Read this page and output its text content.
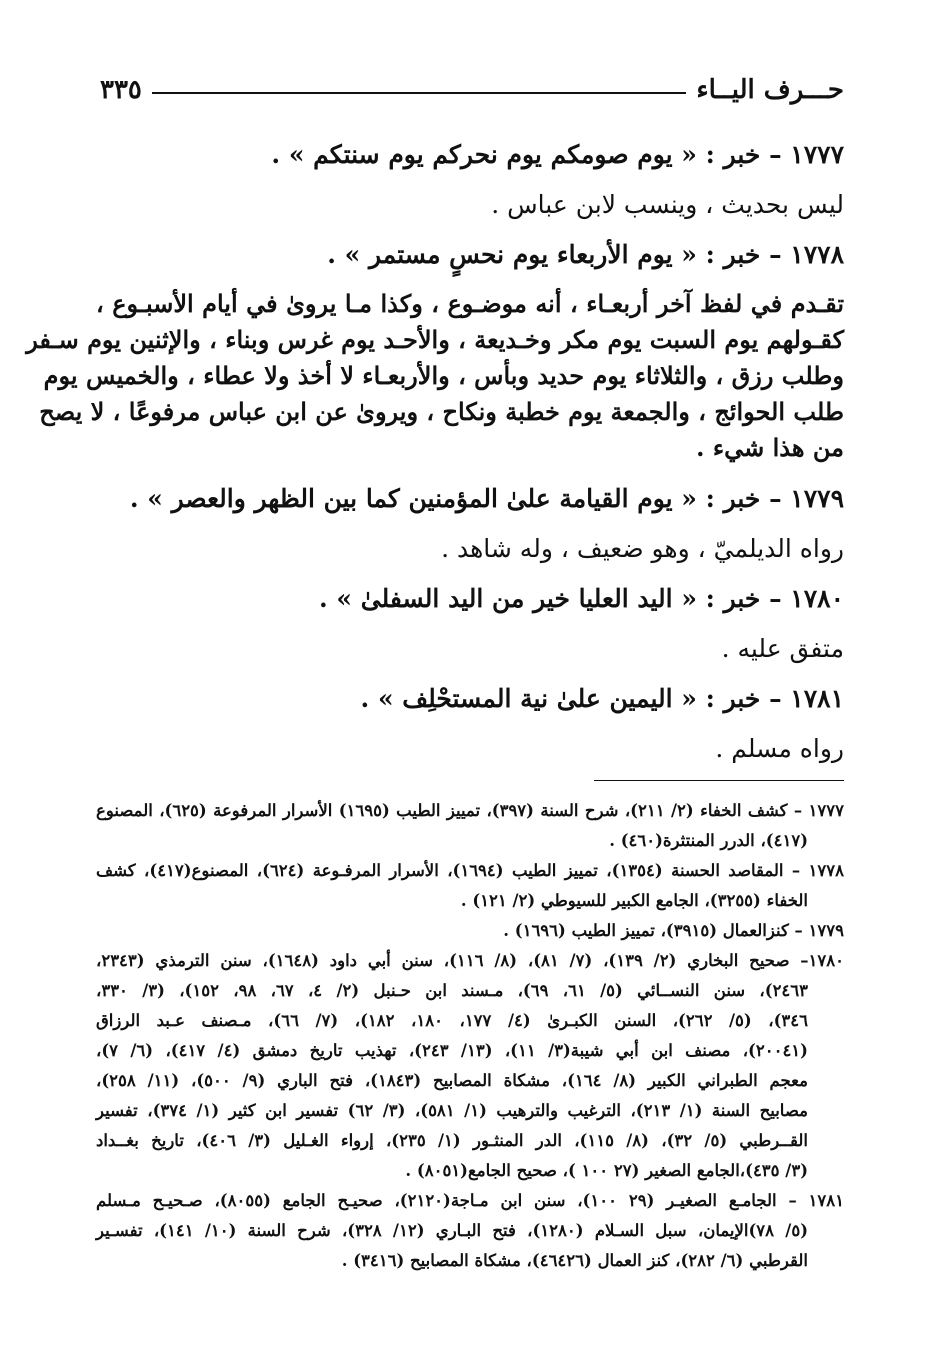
حـــرف اليــاء
٣٣٥
١٧٧٧ – خبر : « يوم صومكم يوم نحركم يوم سنتكم » .
ليس بحديث ، وينسب لابن عباس .
١٧٧٨ – خبر : « يوم الأربعاء يوم نحسٍ مستمر » .
تقـدم في لفظ آخر أربعـاء ، أنه موضـوع ، وكذا مـا يروىٰ في أيام الأسبـوع ،
كقـولهم يوم السبت يوم مكر وخـديعة ، والأحـد يوم غرس وبناء ، والإثنين يوم سـفر
وطلب رزق ، والثلاثاء يوم حديد وبأس ، والأربعـاء لا أخذ ولا عطاء ، والخميس يوم
طلب الحوائج ، والجمعة يوم خطبة ونكاح ، ويروىٰ عن ابن عباس مرفوعًا ، لا يصح
من هذا شيء .
١٧٧٩ – خبر : « يوم القيامة علىٰ المؤمنين كما بين الظهر والعصر » .
رواه الديلميّ ، وهو ضعيف ، وله شاهد .
١٧٨٠ – خبر : « اليد العليا خير من اليد السفلىٰ » .
متفق عليه .
١٧٨١ – خبر : « اليمين علىٰ نية المستحْلِف » .
رواه مسلم .
١٧٧٧ – كشف الخفاء (٢/ ٢١١)، شرح السنة (٣٩٧)، تمييز الطيب (١٦٩٥) الأسرار المرفوعة (٦٢٥)، المصنوع
(٤١٧)، الدرر المنتثرة(٤٦٠) .
١٧٧٨ – المقاصد الحسنة (١٣٥٤)، تمييز الطيب (١٦٩٤)، الأسرار المرفـوعة (٦٢٤)، المصنوع(٤١٧)، كشف
الخفاء (٣٢٥٥)، الجامع الكبير للسيوطي (٢/ ١٢١) .
١٧٧٩ – كنزالعمال (٣٩١٥)، تمييز الطيب (١٦٩٦) .
١٧٨٠– صحيح البخاري (٢/ ١٣٩)، (٧/ ٨١)، (٨/ ١١٦)، سنن أبي داود (١٦٤٨)، سنن الترمذي (٢٣٤٣،
٢٤٦٣)، سنن النســائي (٥/ ٦١، ٦٩)، مـسند ابن حـنبل (٢/ ٤، ٦٧، ٩٨، ١٥٢)، (٣/ ٣٣٠،
٣٤٦)، (٥/ ٢٦٢)، السنن الكبـرىٰ (٤/ ١٧٧، ١٨٠، ١٨٢)، (٧/ ٦٦)، مـصنف عـبد الرزاق
(٢٠٠٤١)، مصنف ابن أبي شيبة(٣/ ١١)، (١٣/ ٢٤٣)، تهذيب تاريخ دمشق (٤/ ٤١٧)، (٦/ ٧)،
معجم الطبراني الكبير (٨/ ١٦٤)، مشكاة المصابيح (١٨٤٣)، فتح الباري (٩/ ٥٠٠)، (١١/ ٢٥٨)،
مصابيح السنة (١/ ٢١٣)، الترغيب والترهيب (١/ ٥٨١)، (٣/ ٦٢) تفسير ابن كثير (١/ ٣٧٤)، تفسير
القــرطبي (٥/ ٣٢)، (٨/ ١١٥)، الدر المنثـور (١/ ٢٣٥)، إرواء الغـليل (٣/ ٤٠٦)، تاريخ بغــداد
(٣/ ٤٣٥)،الجامع الصغير (٢٧ ١٠٠ )، صحيح الجامع(٨٠٥١) .
١٧٨١ – الجامـع الصغيـر (٢٩ ١٠٠)، سنن ابن مـاجة(٢١٢٠)، صحيـح الجامع (٨٠٥٥)، صـحيـح مـسلم
(٥/ ٧٨)الإيمان، سبل السـلام (١٢٨٠)، فتح البـاري (١٢/ ٣٢٨)، شرح السنة (١٠/ ١٤١)، تفسـير
القرطبي (٦/ ٢٨٢)، كنز العمال (٤٦٤٢٦)، مشكاة المصابيح (٣٤١٦) .
